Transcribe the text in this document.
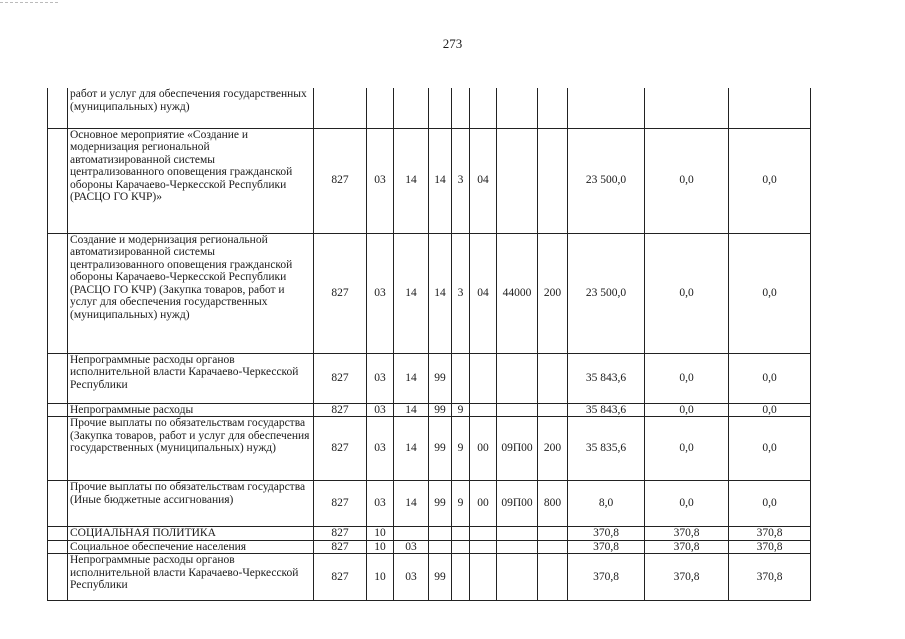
273
	работ и услуг для обеспечения государственных (муниципальных) нужд)											
	Основное мероприятие «Создание и модернизация региональной автоматизированной системы централизованного оповещения гражданской обороны Карачаево-Черкесской Республики (РАСЦО ГО КЧР)»	827	03	14	14	3	04			23 500,0	0,0	0,0
	Создание и модернизация региональной автоматизированной системы централизованного оповещения гражданской обороны Карачаево-Черкесской Республики (РАСЦО ГО КЧР) (Закупка товаров, работ и услуг для обеспечения государственных (муниципальных) нужд)	827	03	14	14	3	04	44000	200	23 500,0	0,0	0,0
	Непрограммные расходы органов исполнительной власти Карачаево-Черкесской Республики	827	03	14	99					35 843,6	0,0	0,0
	Непрограммные расходы	827	03	14	99	9				35 843,6	0,0	0,0
	Прочие выплаты по обязательствам государства (Закупка товаров, работ и услуг для обеспечения государственных (муниципальных) нужд)	827	03	14	99	9	00	09П00	200	35 835,6	0,0	0,0
	Прочие выплаты по обязательствам государства (Иные бюджетные ассигнования)	827	03	14	99	9	00	09П00	800	8,0	0,0	0,0
	СОЦИАЛЬНАЯ ПОЛИТИКА	827	10							370,8	370,8	370,8
	Социальное обеспечение населения	827	10	03						370,8	370,8	370,8
	Непрограммные расходы органов исполнительной власти Карачаево-Черкесской Республики	827	10	03	99					370,8	370,8	370,8
